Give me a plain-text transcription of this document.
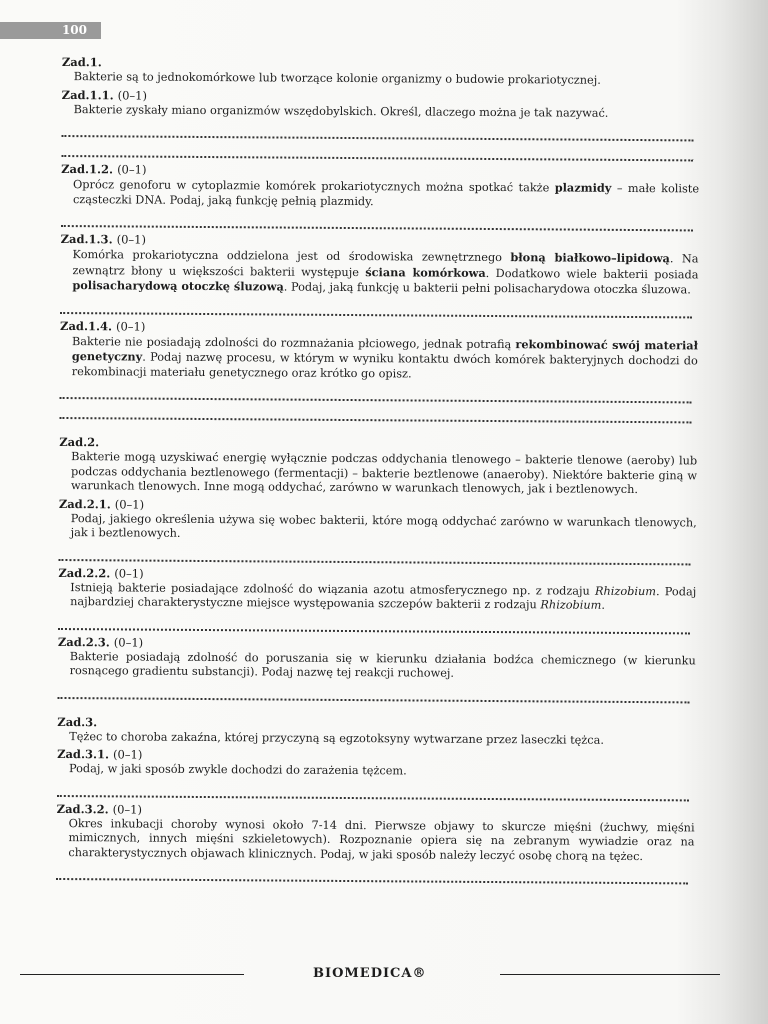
100
Zad.1.
Bakterie są to jednokomórkowe lub tworzące kolonie organizmy o budowie prokariotycznej.
Zad.1.1. (0–1)
Bakterie zyskały miano organizmów wszędobylskich. Określ, dlaczego można je tak nazywać.
Zad.1.2. (0–1)
Oprócz genoforu w cytoplazmie komórek prokariotycznych można spotkać także plazmidy – małe koliste cząsteczki DNA. Podaj, jaką funkcję pełnią plazmidy.
Zad.1.3. (0–1)
Komórka prokariotyczna oddzielona jest od środowiska zewnętrznego błoną białkowo–lipidową. Na zewnątrz błony u większości bakterii występuje ściana komórkowa. Dodatkowo wiele bakterii posiada polisacharydową otoczkę śluzową. Podaj, jaką funkcję u bakterii pełni polisacharydowa otoczka śluzowa.
Zad.1.4. (0–1)
Bakterie nie posiadają zdolności do rozmnażania płciowego, jednak potrafią rekombinować swój materiał genetyczny. Podaj nazwę procesu, w którym w wyniku kontaktu dwóch komórek bakteryjnych dochodzi do rekombinacji materiału genetycznego oraz krótko go opisz.
Zad.2.
Bakterie mogą uzyskiwać energię wyłącznie podczas oddychania tlenowego – bakterie tlenowe (aeroby) lub podczas oddychania beztlenowego (fermentacji) – bakterie beztlenowe (anaeroby). Niektóre bakterie giną w warunkach tlenowych. Inne mogą oddychać, zarówno w warunkach tlenowych, jak i beztlenowych.
Zad.2.1. (0–1)
Podaj, jakiego określenia używa się wobec bakterii, które mogą oddychać zarówno w warunkach tlenowych, jak i beztlenowych.
Zad.2.2. (0–1)
Istnieją bakterie posiadające zdolność do wiązania azotu atmosferycznego np. z rodzaju Rhizobium. Podaj najbardziej charakterystyczne miejsce występowania szczepów bakterii z rodzaju Rhizobium.
Zad.2.3. (0–1)
Bakterie posiadają zdolność do poruszania się w kierunku działania bodźca chemicznego (w kierunku rosnącego gradientu substancji). Podaj nazwę tej reakcji ruchowej.
Zad.3.
Tężec to choroba zakaźna, której przyczyną są egzotoksyny wytwarzane przez laseczki tężca.
Zad.3.1. (0–1)
Podaj, w jaki sposób zwykle dochodzi do zarażenia tężcem.
Zad.3.2. (0–1)
Okres inkubacji choroby wynosi około 7-14 dni. Pierwsze objawy to skurcze mięśni (żuchwy, mięśni mimicznych, innych mięśni szkieletowych). Rozpoznanie opiera się na zebranym wywiadzie oraz na charakterystycznych objawach klinicznych. Podaj, w jaki sposób należy leczyć osobę chorą na tężec.
BIOMEDICA®
